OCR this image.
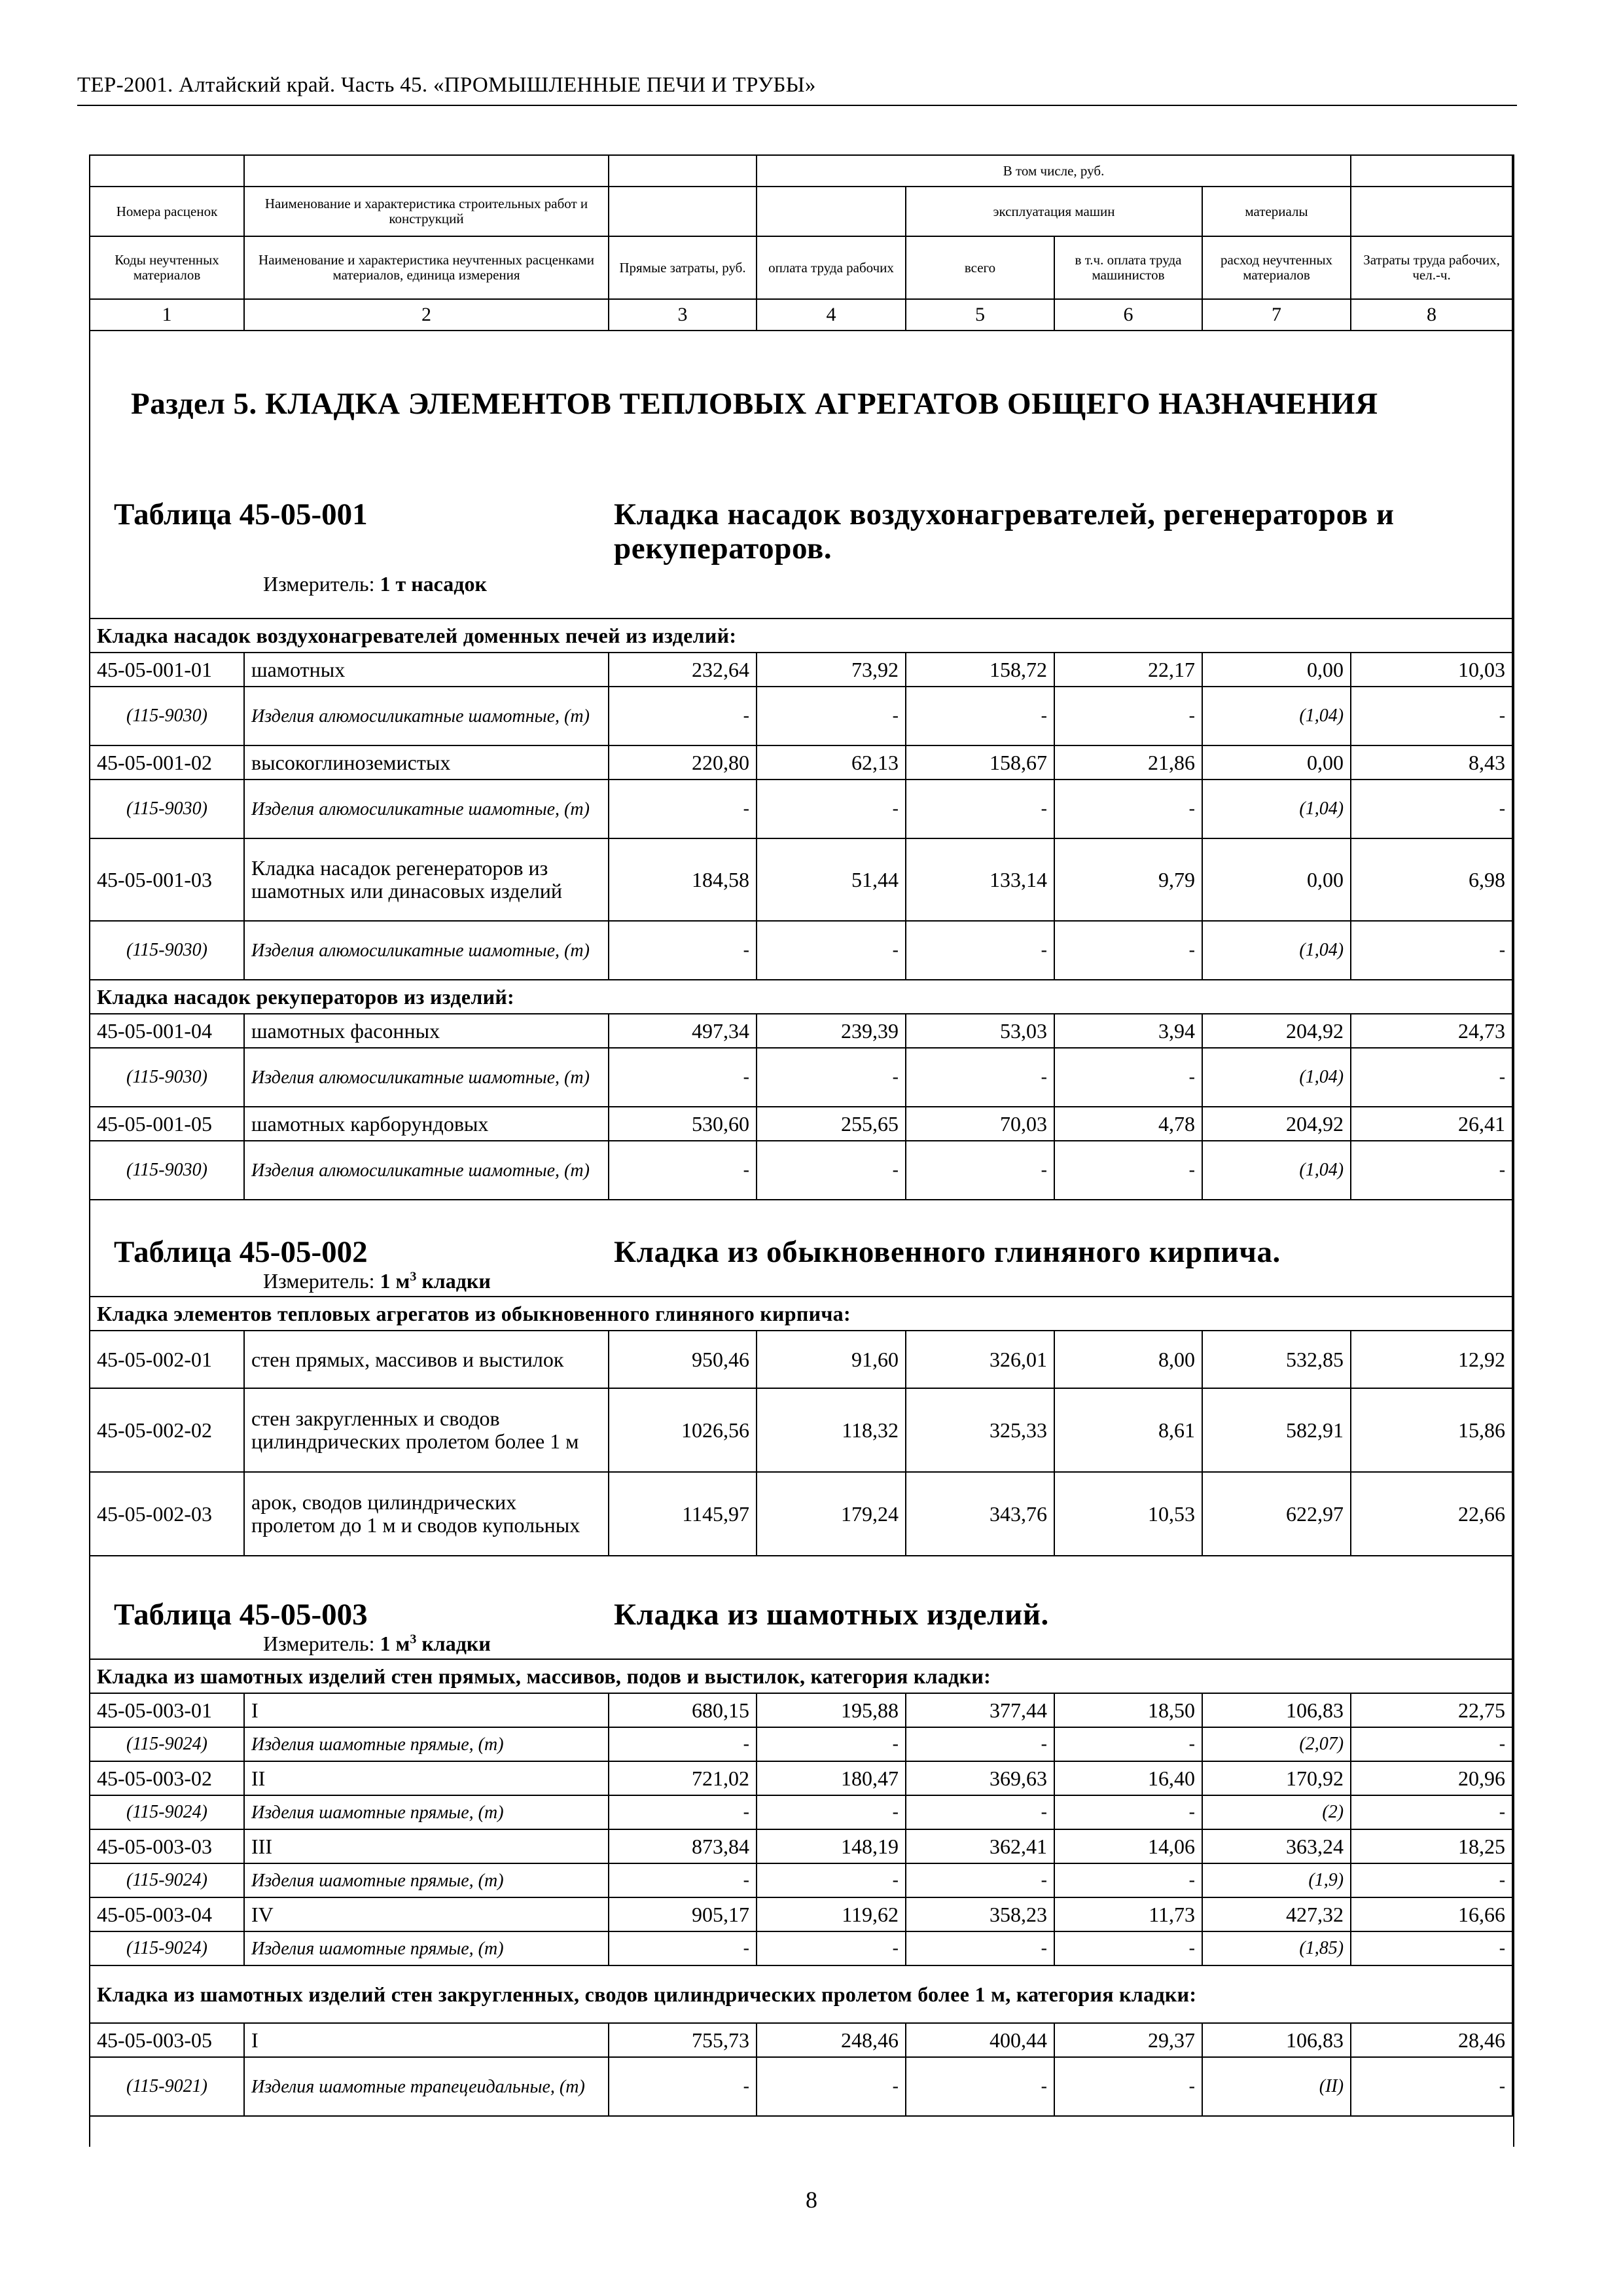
ТЕР-2001. Алтайский край. Часть 45. «ПРОМЫШЛЕННЫЕ ПЕЧИ И ТРУБЫ»
			В том числе, руб.				
Номера расценок	Наименование и характеристика строительных работ и конструкций			эксплуатация машин		материалы	
Коды неучтенных материалов	Наименование и характеристика неучтенных расценками материалов, единица измерения	Прямые затраты, руб.	оплата труда рабочих	всего	в т.ч. оплата труда машинистов	расход неучтенных материалов	Затраты труда рабочих, чел.-ч.
1	2	3	4	5	6	7	8

Раздел 5. КЛАДКА ЭЛЕМЕНТОВ ТЕПЛОВЫХ АГРЕГАТОВ ОБЩЕГО НАЗНАЧЕНИЯ
Таблица 45-05-001 Кладка насадок воздухонагревателей, регенераторов и рекуператоров.
Измеритель: 1 т насадок							

Кладка насадок воздухонагревателей доменных печей из изделий:							
45-05-001-01	шамотных	232,64	73,92	158,72	22,17	0,00	10,03
(115-9030)	Изделия алюмосиликатные шамотные, (т)	-	-	-	-	(1,04)	-
45-05-001-02	высокоглиноземистых	220,80	62,13	158,67	21,86	0,00	8,43
(115-9030)	Изделия алюмосиликатные шамотные, (т)	-	-	-	-	(1,04)	-
45-05-001-03	Кладка насадок регенераторов из шамотных или динасовых изделий	184,58	51,44	133,14	9,79	0,00	6,98
(115-9030)	Изделия алюмосиликатные шамотные, (т)	-	-	-	-	(1,04)	-
Кладка насадок рекуператоров из изделий:							
45-05-001-04	шамотных фасонных	497,34	239,39	53,03	3,94	204,92	24,73
(115-9030)	Изделия алюмосиликатные шамотные, (т)	-	-	-	-	(1,04)	-
45-05-001-05	шамотных карборундовых	530,60	255,65	70,03	4,78	204,92	26,41
(115-9030)	Изделия алюмосиликатные шамотные, (т)	-	-	-	-	(1,04)	-

Таблица 45-05-002 Кладка из обыкновенного глиняного кирпича.
Измеритель: 1 $м^3$ кладки							

Кладка элементов тепловых агрегатов из обыкновенного глиняного кирпича:							
45-05-002-01	стен прямых, массивов и выстилок	950,46	91,60	326,01	8,00	532,85	12,92
45-05-002-02	стен закругленных и сводов цилиндрических пролетом более 1 м	1026,56	118,32	325,33	8,61	582,91	15,86
45-05-002-03	арок, сводов цилиндрических пролетом до 1 м и сводов купольных	1145,97	179,24	343,76	10,53	622,97	22,66

Таблица 45-05-003 Кладка из шамотных изделий.
Измеритель: 1 $м^3$ кладки							

Кладка из шамотных изделий стен прямых, массивов, подов и выстилок, категория кладки:							
45-05-003-01	I	680,15	195,88	377,44	18,50	106,83	22,75
(115-9024)	Изделия шамотные прямые, (т)	-	-	-	-	(2,07)	-
45-05-003-02	II	721,02	180,47	369,63	16,40	170,92	20,96
(115-9024)	Изделия шамотные прямые, (т)	-	-	-	-	(2)	-
45-05-003-03	III	873,84	148,19	362,41	14,06	363,24	18,25
(115-9024)	Изделия шамотные прямые, (т)	-	-	-	-	(1,9)	-
45-05-003-04	IV	905,17	119,62	358,23	11,73	427,32	16,66
(115-9024)	Изделия шамотные прямые, (т)	-	-	-	-	(1,85)	-
Кладка из шамотных изделий стен закругленных, сводов цилиндрических пролетом более 1 м, категория кладки:							
45-05-003-05	I	755,73	248,46	400,44	29,37	106,83	28,46
(115-9021)	Изделия шамотные трапецеидальные, (т)	-	-	-	-	(II)	-
8
